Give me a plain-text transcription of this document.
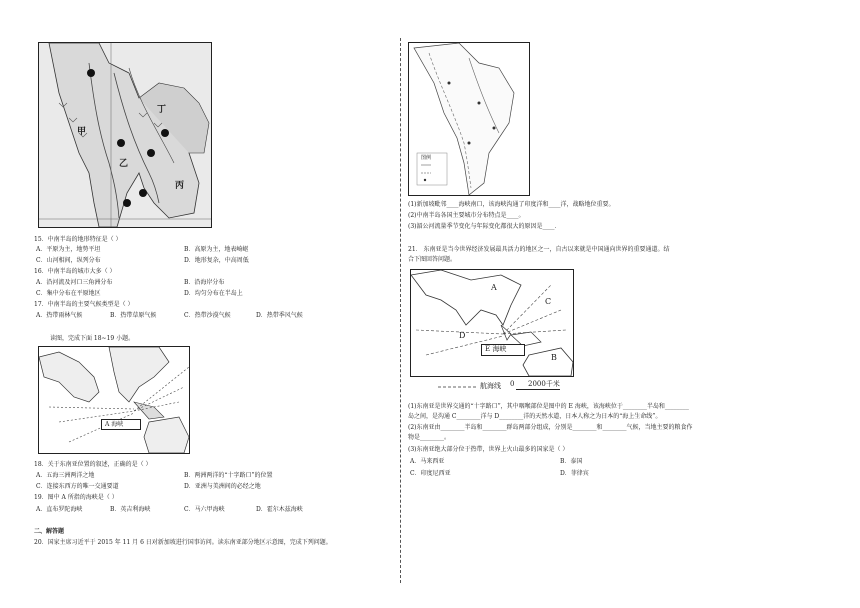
丁
甲
乙
丙
15．中南半岛的地形特征是（ ）
A．平原为主，地势平坦	B．高原为主，地表崎岖
C．山河相间，纵列分布	D．地形复杂，中高周低
16．中南半岛的城市大多（ ）
A．沿河流及河口三角洲分布	B．沿海岸分布
C．集中分布在平原地区	D．均匀分布在半岛上
17．中南半岛的主要气候类型是（ ）
A．热带雨林气候	B．热带草原气候	C．热带沙漠气候	D．热带季风气候
读图，完成下面 18~19 小题。
A 海峡
18．关于东南亚位置的叙述，正确的是（ ）
A．五海三洲两洋之地	B．两洲两洋的“十字路口”的位置
C．连接东西方的唯一交通要道	D．亚洲与美洲间的必经之地
19．图中 A 所指的海峡是（ ）
A．直布罗陀海峡	B．英吉利海峡	C．马六甲海峡	D．霍尔木兹海峡
二、解答题
20．国家主席习近平于 2015 年 11 月 6 日对新加坡进行国事访问。读东南亚部分地区示意图，完成下列问题。
图例
(1)新加坡毗邻____海峡南口，该海峡沟通了印度洋和____洋，战略地位重要。
(2)中南半岛各国主要城市分布特点是____。
(3)湄公河流量季节变化与年际变化都很大的原因是____．
21． 东南亚是当今世界经济发展最具活力的地区之一，自古以来就是中国通向世界的重要通道。结
合下图回答问题。
A
C
D
B
E 海峡
航海线 0 2000千米
(1)东南亚是世界交通的“十字路口”，其中咽喉部位是图中的 E 海峡，该海峡位于________半岛和________
岛之间，是沟通 C________洋与 D________洋的天然水道，日本人称之为日本的“海上生命线”。
(2)东南亚由________半岛和________群岛两部分组成，分别是________和________气候，当地主要的粮食作
物是________。
(3)东南亚绝大部分位于热带，世界上火山最多的国家是（ ）
A．马来西亚	B．泰国
C．印度尼西亚	D．菲律宾
